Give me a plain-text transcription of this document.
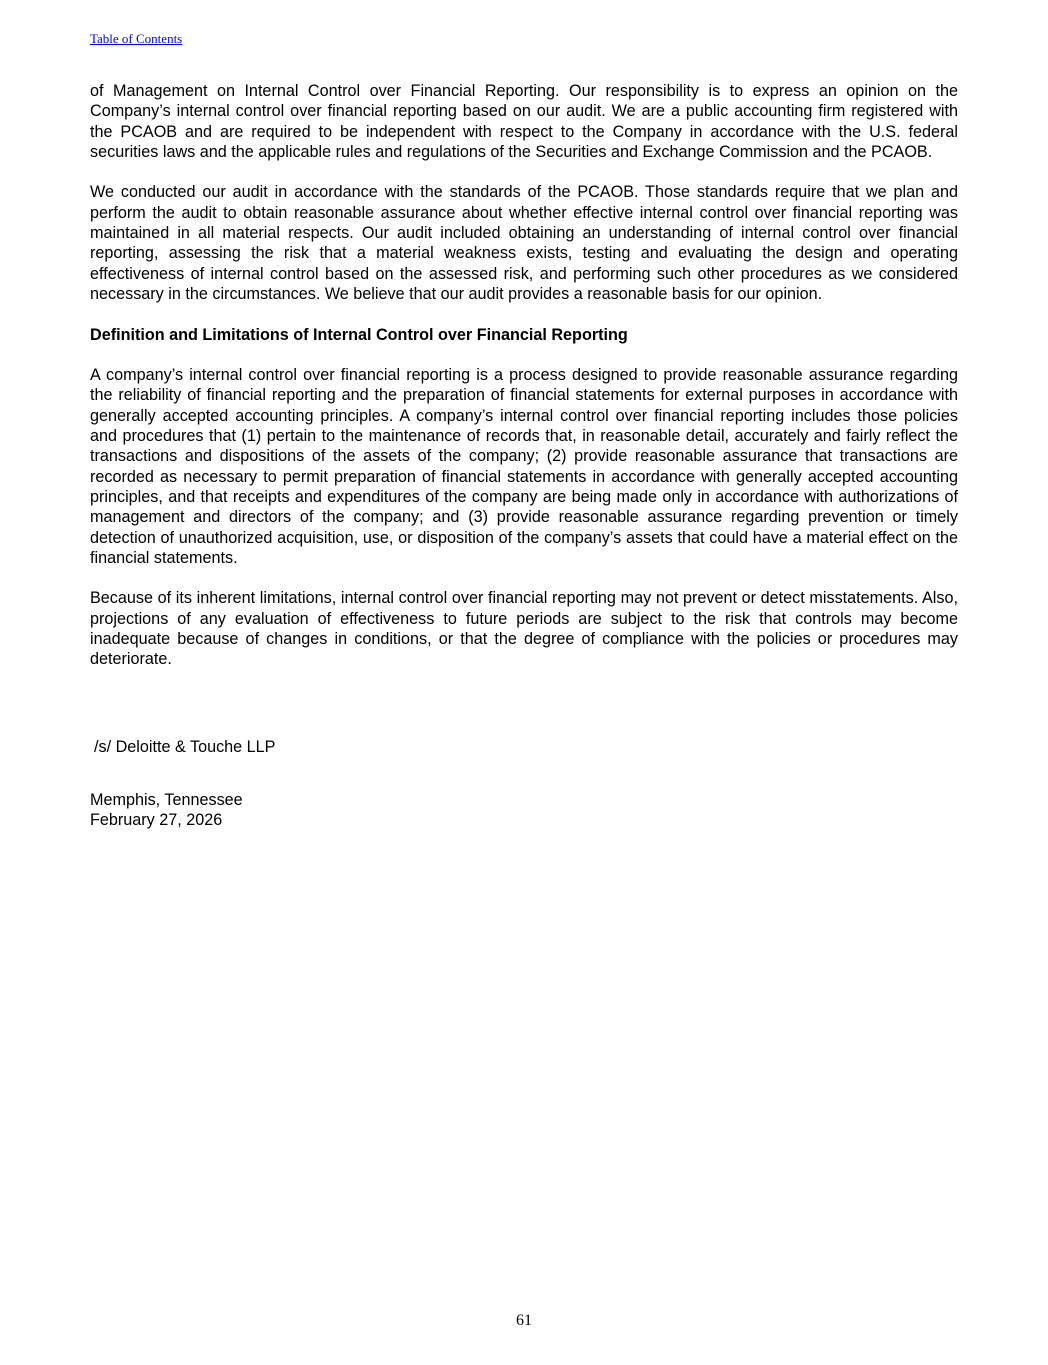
Table of Contents

of Management on Internal Control over Financial Reporting. Our responsibility is to express an opinion on the Company’s internal control over financial reporting based on our audit. We are a public accounting firm registered with the PCAOB and are required to be independent with respect to the Company in accordance with the U.S. federal securities laws and the applicable rules and regulations of the Securities and Exchange Commission and the PCAOB.

We conducted our audit in accordance with the standards of the PCAOB. Those standards require that we plan and perform the audit to obtain reasonable assurance about whether effective internal control over financial reporting was maintained in all material respects. Our audit included obtaining an understanding of internal control over financial reporting, assessing the risk that a material weakness exists, testing and evaluating the design and operating effectiveness of internal control based on the assessed risk, and performing such other procedures as we considered necessary in the circumstances. We believe that our audit provides a reasonable basis for our opinion.

Definition and Limitations of Internal Control over Financial Reporting

A company’s internal control over financial reporting is a process designed to provide reasonable assurance regarding the reliability of financial reporting and the preparation of financial statements for external purposes in accordance with generally accepted accounting principles. A company’s internal control over financial reporting includes those policies and procedures that (1) pertain to the maintenance of records that, in reasonable detail, accurately and fairly reflect the transactions and dispositions of the assets of the company; (2) provide reasonable assurance that transactions are recorded as necessary to permit preparation of financial statements in accordance with generally accepted accounting principles, and that receipts and expenditures of the company are being made only in accordance with authorizations of management and directors of the company; and (3) provide reasonable assurance regarding prevention or timely detection of unauthorized acquisition, use, or disposition of the company’s assets that could have a material effect on the financial statements.

Because of its inherent limitations, internal control over financial reporting may not prevent or detect misstatements. Also, projections of any evaluation of effectiveness to future periods are subject to the risk that controls may become inadequate because of changes in conditions, or that the degree of compliance with the policies or procedures may deteriorate.

/s/ Deloitte & Touche LLP
Memphis, Tennessee
February 27, 2026
61
